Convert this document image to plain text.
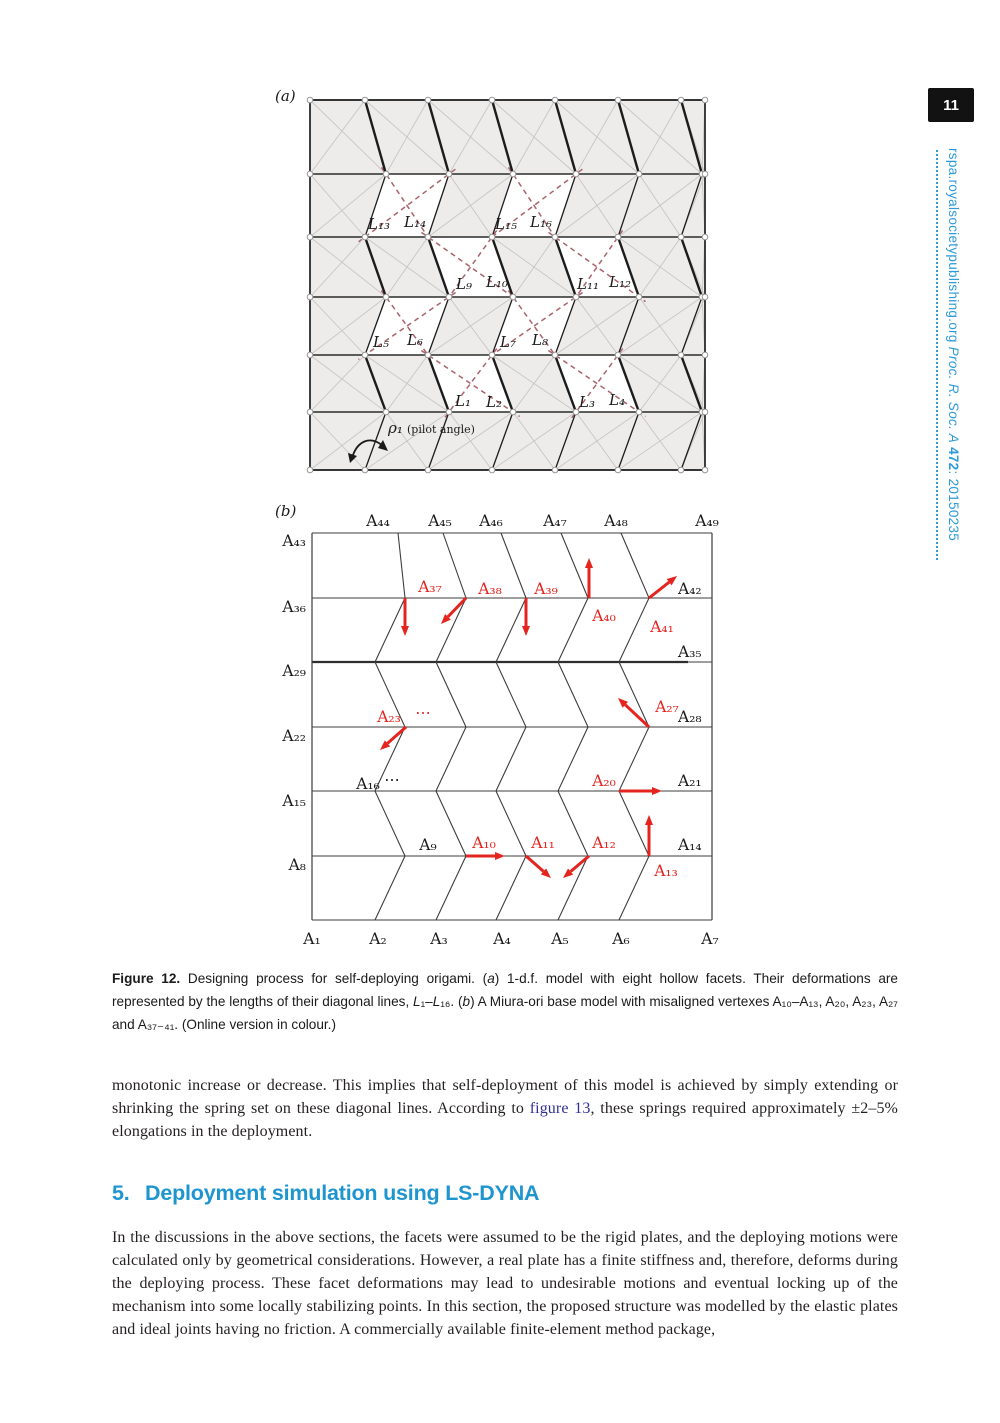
11
rspa.royalsocietypublishing.org Proc. R. Soc. A 472: 20150235
L₁₃ L₁₄	L₁₅ L₁₆
L₉ L₁₀	L₁₁ L₁₂
L₅ L₆	L₇ L₈
L₁ L₂	L₃ L₄
ρ₁ (pilot angle)
(a)
A₄₃
A₃₆
A₂₉
A₂₂
A₁₅
A₈
A₄₄ A₄₅ A₄₆	A₄₇ A₄₈	A₄₉
A₄₂
A₃₅
A₂₈
A₂₁
A₁₄
A₉
A₁₆ ⋯
A₁	A₂	A₃	A₄	A₅	A₆	A₇
A₃₇ A₃₈ A₃₉
A₄₀
A₄₁
A₂₃ ⋯	A₂₇
A₂₀
A₁₀ A₁₁ A₁₂
A₁₃
(b)
Figure 12. Designing process for self-deploying origami. (a) 1-d.f. model with eight hollow facets. Their deformations are represented by the lengths of their diagonal lines, L₁–L₁₆. (b) A Miura-ori base model with misaligned vertexes A₁₀–A₁₃, A₂₀, A₂₃, A₂₇ and A₃₇₋₄₁. (Online version in colour.)
monotonic increase or decrease. This implies that self-deployment of this model is achieved by simply extending or shrinking the spring set on these diagonal lines. According to figure 13, these springs required approximately ±2–5% elongations in the deployment.
5. Deployment simulation using LS-DYNA
In the discussions in the above sections, the facets were assumed to be the rigid plates, and the deploying motions were calculated only by geometrical considerations. However, a real plate has a finite stiffness and, therefore, deforms during the deploying process. These facet deformations may lead to undesirable motions and eventual locking up of the mechanism into some locally stabilizing points. In this section, the proposed structure was modelled by the elastic plates and ideal joints having no friction. A commercially available finite-element method package,
